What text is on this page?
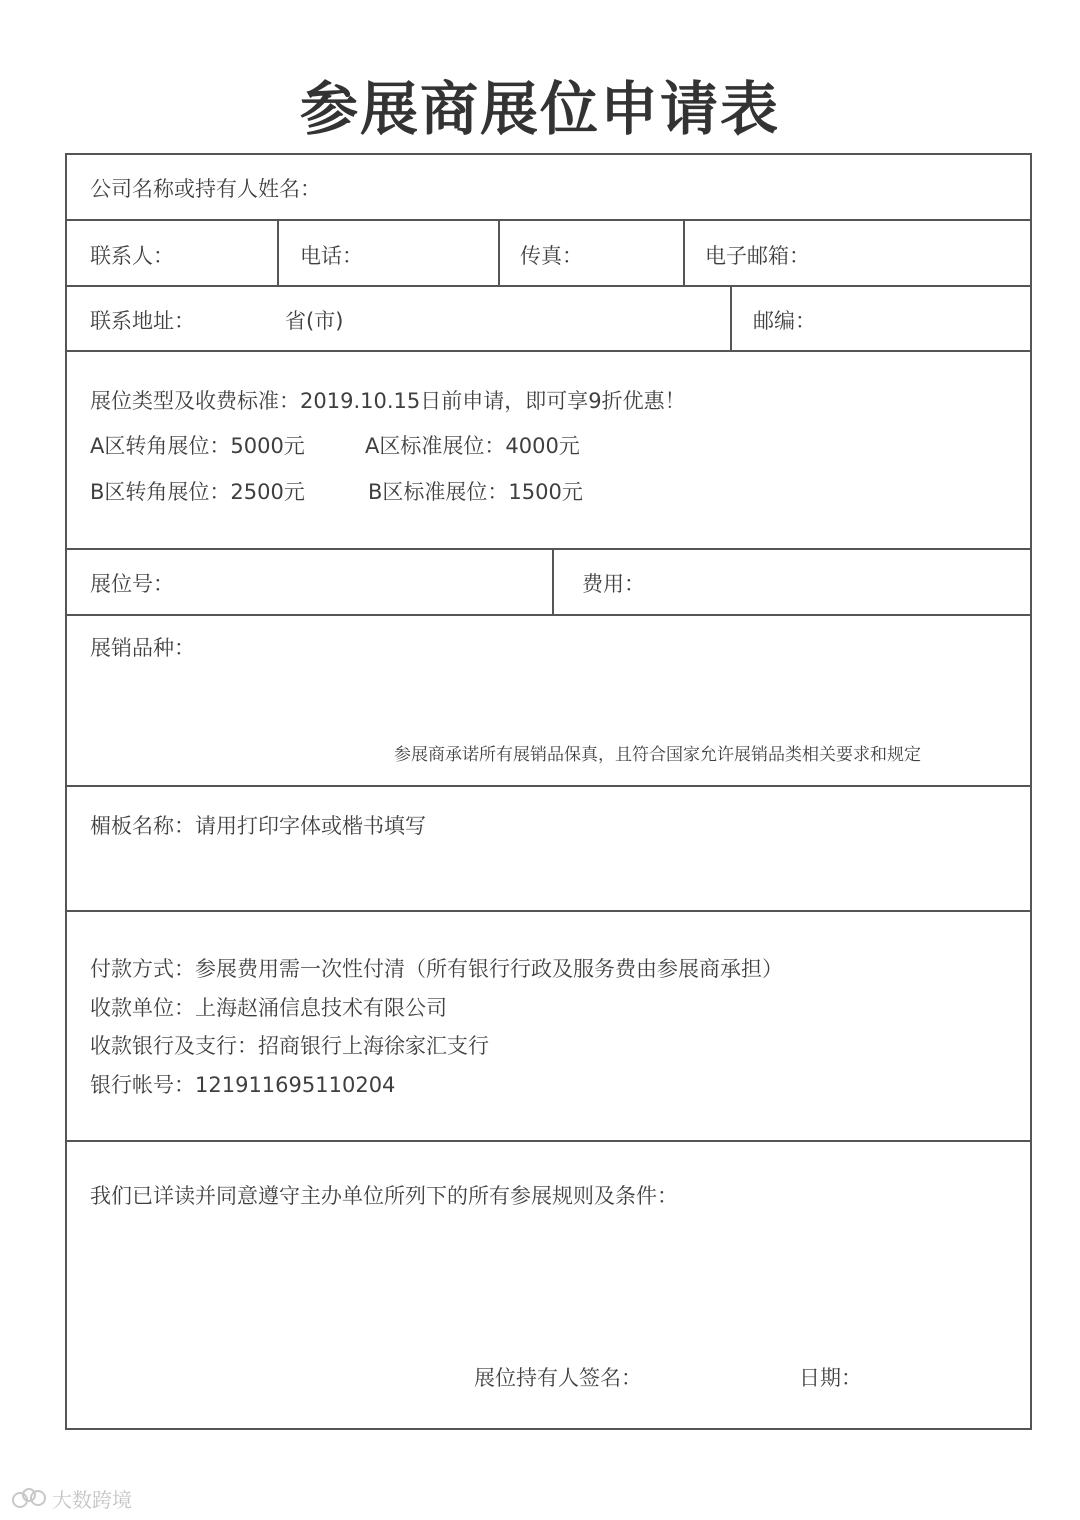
参展商展位申请表
公司名称或持有人姓名：
联系人：	电话：	传真：	电子邮箱：
联系地址：	省(市)	邮编：
展位类型及收费标准：2019.10.15日前申请，即可享9折优惠！
A区转角展位：5000元	A区标准展位：4000元
B区转角展位：2500元	B区标准展位：1500元
展位号：	费用：
展销品种：
参展商承诺所有展销品保真，且符合国家允许展销品类相关要求和规定
楣板名称：请用打印字体或楷书填写
付款方式：参展费用需一次性付清（所有银行行政及服务费由参展商承担）
收款单位：上海赵涌信息技术有限公司
收款银行及支行：招商银行上海徐家汇支行
银行帐号：121911695110204
我们已详读并同意遵守主办单位所列下的所有参展规则及条件：
展位持有人签名：	日期：
大数跨境
